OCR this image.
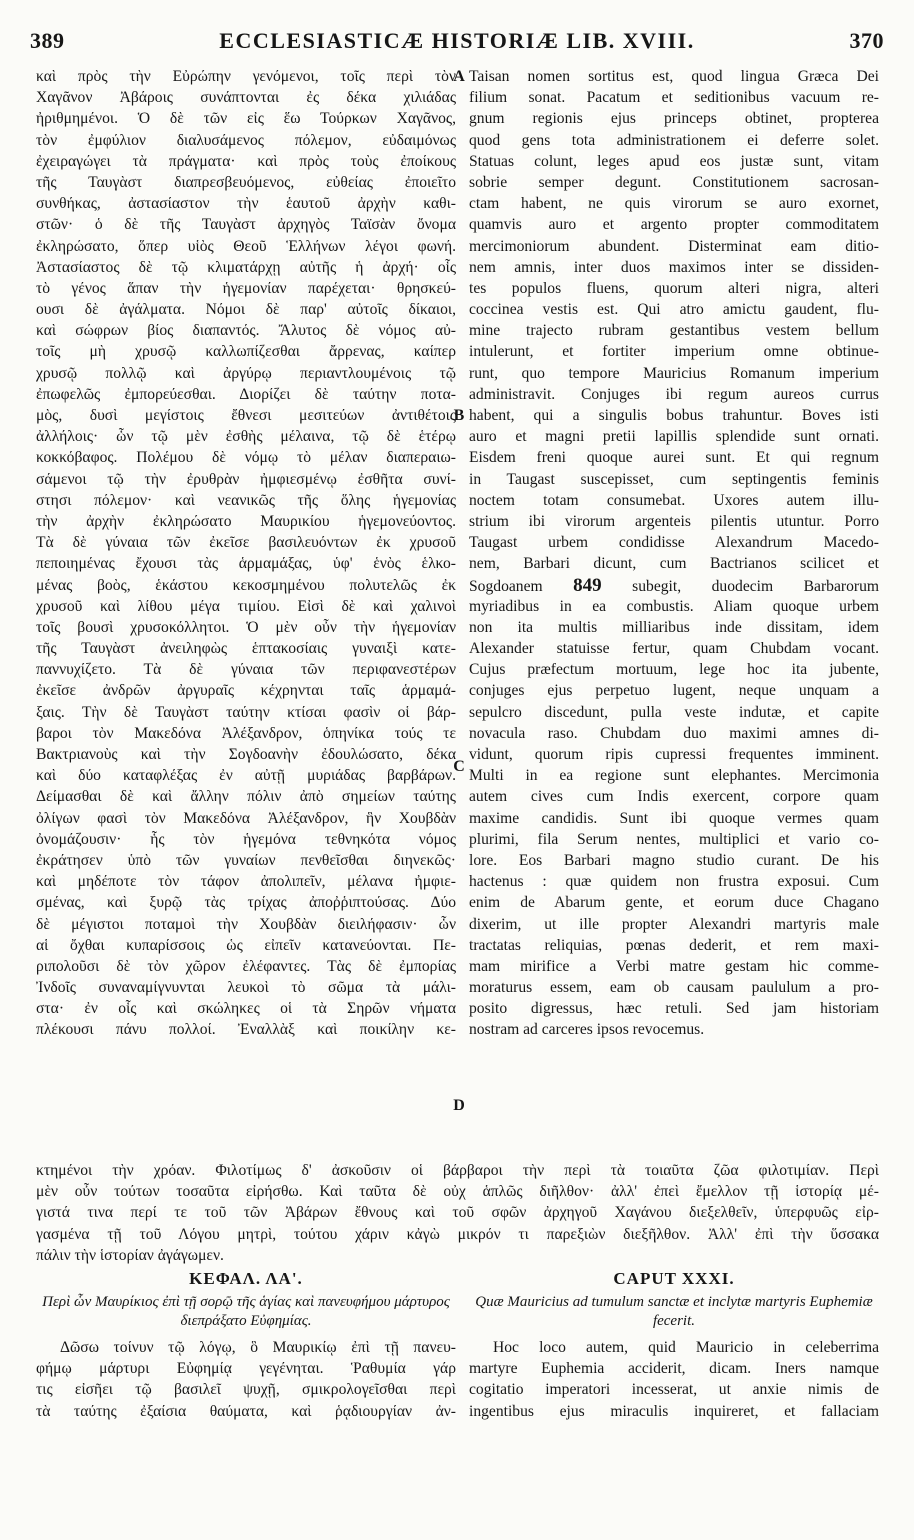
389	ECCLESIASTICÆ HISTORIÆ LIB. XVIII.	370
καὶ πρὸς τὴν Εὐρώπην γενόμενοι, τοῖς περὶ τὸν
Χαγᾶνον Ἀβάροις συνάπτονται ἐς δέκα χιλιάδας
ἠριθμημένοι. Ὁ δὲ τῶν εἰς ἕω Τούρκων Χαγᾶνος,
τὸν ἐμφύλιον διαλυσάμενος πόλεμον, εὐδαιμόνως
ἐχειραγώγει τὰ πράγματα· καὶ πρὸς τοὺς ἐποίκους
τῆς Ταυγὰστ διαπρεσβευόμενος, εὐθείας ἐποιεῖτο
συνθήκας, ἀστασίαστον τὴν ἑαυτοῦ ἀρχὴν καθι-
στῶν· ὁ δὲ τῆς Ταυγὰστ ἀρχηγὸς Ταϊσὰν ὄνομα
ἐκληρώσατο, ὅπερ υἱὸς Θεοῦ Ἑλλήνων λέγοι φωνή.
Ἀστασίαστος δὲ τῷ κλιματάρχῃ αὐτῆς ἡ ἀρχή· οἷς
τὸ γένος ἅπαν τὴν ἡγεμονίαν παρέχεται· θρησκεύ-
ουσι δὲ ἀγάλματα. Νόμοι δὲ παρ' αὐτοῖς δίκαιοι,
καὶ σώφρων βίος διαπαντός. Ἄλυτος δὲ νόμος αὐ-
τοῖς μὴ χρυσῷ καλλωπίζεσθαι ἄρρενας, καίπερ
χρυσῷ πολλῷ καὶ ἀργύρῳ περιαντλουμένοις τῷ
ἐπωφελῶς ἐμπορεύεσθαι. Διορίζει δὲ ταύτην ποτα-
μὸς, δυσὶ μεγίστοις ἔθνεσι μεσιτεύων ἀντιθέτοις
ἀλλήλοις· ὧν τῷ μὲν ἐσθὴς μέλαινα, τῷ δὲ ἑτέρῳ
κοκκόβαφος. Πολέμου δὲ νόμῳ τὸ μέλαν διαπεραιω-
σάμενοι τῷ τὴν ἐρυθρὰν ἠμφιεσμένῳ ἐσθῆτα συνί-
στησι πόλεμον· καὶ νεανικῶς τῆς ὅλης ἡγεμονίας
τὴν ἀρχὴν ἐκληρώσατο Μαυρικίου ἡγεμονεύοντος.
Τὰ δὲ γύναια τῶν ἐκεῖσε βασιλευόντων ἐκ χρυσοῦ
πεποιημένας ἔχουσι τὰς ἁρμαμάξας, ὑφ' ἑνὸς ἑλκο-
μένας βοὸς, ἑκάστου κεκοσμημένου πολυτελῶς ἐκ
χρυσοῦ καὶ λίθου μέγα τιμίου. Εἰσὶ δὲ καὶ χαλινοὶ
τοῖς βουσὶ χρυσοκόλλητοι. Ὁ μὲν οὖν τὴν ἡγεμονίαν
τῆς Ταυγὰστ ἀνειληφὼς ἑπτακοσίαις γυναιξὶ κατε-
παννυχίζετο. Τὰ δὲ γύναια τῶν περιφανεστέρων
ἐκεῖσε ἀνδρῶν ἀργυραῖς κέχρηνται ταῖς ἁρμαμά-
ξαις. Τὴν δὲ Ταυγὰστ ταύτην κτίσαι φασὶν οἱ βάρ-
βαροι τὸν Μακεδόνα Ἀλέξανδρον, ὁπηνίκα τούς τε
Βακτριανοὺς καὶ τὴν Σογδοανὴν ἐδουλώσατο, δέκα
καὶ δύο καταφλέξας ἐν αὐτῇ μυριάδας βαρβάρων.
Δείμασθαι δὲ καὶ ἄλλην πόλιν ἀπὸ σημείων ταύτης
ὀλίγων φασὶ τὸν Μακεδόνα Ἀλέξανδρον, ἣν Χουβδὰν
ὀνομάζουσιν· ἧς τὸν ἡγεμόνα τεθνηκότα νόμος
ἐκράτησεν ὑπὸ τῶν γυναίων πενθεῖσθαι διηνεκῶς·
καὶ μηδέποτε τὸν τάφον ἀπολιπεῖν, μέλανα ἠμφιε-
σμένας, καὶ ξυρῷ τὰς τρίχας ἀποῤῥιπτούσας. Δύο
δὲ μέγιστοι ποταμοὶ τὴν Χουβδὰν διειλήφασιν· ὧν
αἱ ὄχθαι κυπαρίσσοις ὡς εἰπεῖν κατανεύονται. Πε-
ριπολοῦσι δὲ τὸν χῶρον ἐλέφαντες. Τὰς δὲ ἐμπορίας
Ἰνδοῖς συναναμίγνυνται λευκοὶ τὸ σῶμα τὰ μάλι-
στα· ἐν οἷς καὶ σκώληκες οἱ τὰ Σηρῶν νήματα
πλέκουσι πάνυ πολλοί. Ἐναλλὰξ καὶ ποικίλην κε-
Taisan nomen sortitus est, quod lingua Græca Dei
filium sonat. Pacatum et seditionibus vacuum re-
gnum regionis ejus princeps obtinet, propterea
quod gens tota administrationem ei deferre solet.
Statuas colunt, leges apud eos justæ sunt, vitam
sobrie semper degunt. Constitutionem sacrosan-
ctam habent, ne quis virorum se auro exornet,
quamvis auro et argento propter commoditatem
mercimoniorum abundent. Disterminat eam ditio-
nem amnis, inter duos maximos inter se dissiden-
tes populos fluens, quorum alteri nigra, alteri
coccinea vestis est. Qui atro amictu gaudent, flu-
mine trajecto rubram gestantibus vestem bellum
intulerunt, et fortiter imperium omne obtinue-
runt, quo tempore Mauricius Romanum imperium
administravit. Conjuges ibi regum aureos currus
habent, qui a singulis bobus trahuntur. Boves isti
auro et magni pretii lapillis splendide sunt ornati.
Eisdem freni quoque aurei sunt. Et qui regnum
in Taugast suscepisset, cum septingentis feminis
noctem totam consumebat. Uxores autem illu-
strium ibi virorum argenteis pilentis utuntur. Porro
Taugast urbem condidisse Alexandrum Macedo-
nem, Barbari dicunt, cum Bactrianos scilicet et
Sogdoanem 849 subegit, duodecim Barbarorum
myriadibus in ea combustis. Aliam quoque urbem
non ita multis milliaribus inde dissitam, idem
Alexander statuisse fertur, quam Chubdam vocant.
Cujus præfectum mortuum, lege hoc ita jubente,
conjuges ejus perpetuo lugent, neque unquam a
sepulcro discedunt, pulla veste indutæ, et capite
novacula raso. Chubdam duo maximi amnes di-
vidunt, quorum ripis cupressi frequentes imminent.
Multi in ea regione sunt elephantes. Mercimonia
autem cives cum Indis exercent, corpore quam
maxime candidis. Sunt ibi quoque vermes quam
plurimi, fila Serum nentes, multiplici et vario co-
lore. Eos Barbari magno studio curant. De his
hactenus : quæ quidem non frustra exposui. Cum
enim de Abarum gente, et eorum duce Chagano
dixerim, ut ille propter Alexandri martyris male
tractatas reliquias, pœnas dederit, et rem maxi-
mam mirifice a Verbi matre gestam hic comme-
moraturus essem, eam ob causam paululum a pro-
posito digressus, hæc retuli. Sed jam historiam
nostram ad carceres ipsos revocemus.
A
B
C
D
κτημένοι τὴν χρόαν. Φιλοτίμως δ' ἀσκοῦσιν οἱ βάρβαροι τὴν περὶ τὰ τοιαῦτα ζῶα φιλοτιμίαν. Περὶ
μὲν οὖν τούτων τοσαῦτα εἰρήσθω. Καὶ ταῦτα δὲ οὐχ ἁπλῶς διῆλθον· ἀλλ' ἐπεὶ ἔμελλον τῇ ἱστορίᾳ μέ-
γιστά τινα περί τε τοῦ τῶν Ἀβάρων ἔθνους καὶ τοῦ σφῶν ἀρχηγοῦ Χαγάνου διεξελθεῖν, ὑπερφυῶς εἰρ-
γασμένα τῇ τοῦ Λόγου μητρὶ, τούτου χάριν κἀγὼ μικρόν τι παρεξιὼν διεξῆλθον. Ἀλλ' ἐπὶ τὴν ὕσσακα
πάλιν τὴν ἱστορίαν ἀγάγωμεν.
ΚΕΦΑΛ. ΛΑ'.
Περὶ ὧν Μαυρίκιος ἐπὶ τῇ σορῷ τῆς ἁγίας καὶ πανευφήμου μάρτυρος διεπράξατο Εὐφημίας.
Δῶσω τοίνυν τῷ λόγῳ, ὃ Μαυρικίῳ ἐπὶ τῇ πανευ-
φήμῳ μάρτυρι Εὐφημίᾳ γεγένηται. Ῥαθυμία γάρ
τις εἰσῆει τῷ βασιλεῖ ψυχῇ, σμικρολογεῖσθαι περὶ
τὰ ταύτης ἐξαίσια θαύματα, καὶ ῥᾳδιουργίαν ἀν-
CAPUT XXXI.
Quæ Mauricius ad tumulum sanctæ et inclytæ martyris Euphemiæ fecerit.
Hoc loco autem, quid Mauricio in celeberrima
martyre Euphemia acciderit, dicam. Iners namque
cogitatio imperatori incesserat, ut anxie nimis de
ingentibus ejus miraculis inquireret, et fallaciam
